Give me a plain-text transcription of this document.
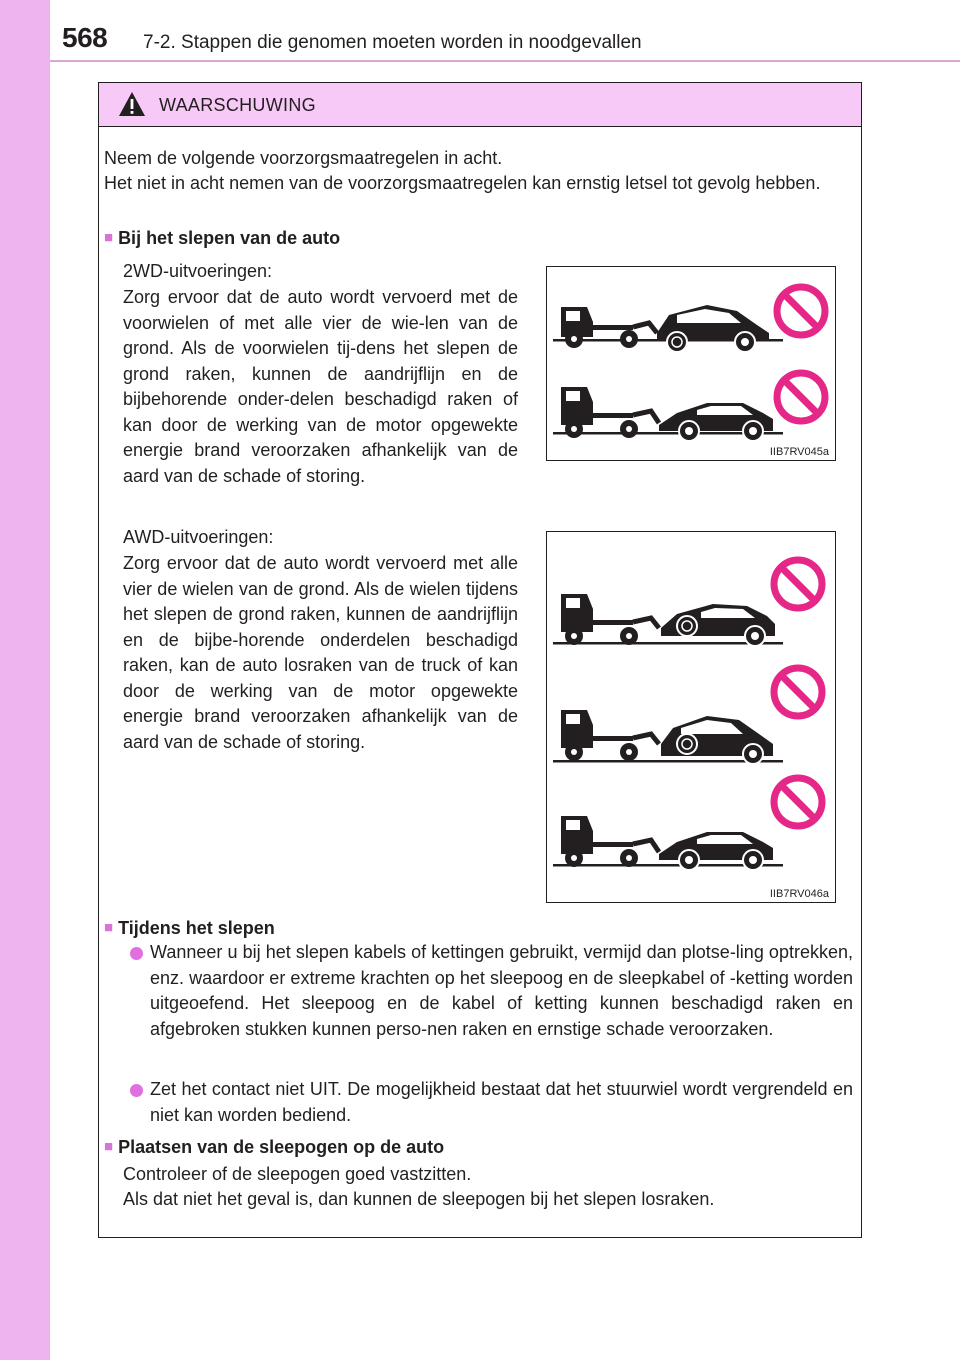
568 7-2. Stappen die genomen moeten worden in noodgevallen
WAARSCHUWING

Neem de volgende voorzorgsmaatregelen in acht.

Het niet in acht nemen van de voorzorgsmaatregelen kan ernstig letsel tot gevolg hebben.

■ Bij het slepen van de auto

2WD-uitvoeringen:

Zorg ervoor dat de auto wordt vervoerd met de voorwielen of met alle vier de wie-len van de grond. Als de voorwielen tij-dens het slepen de grond raken, kunnen de aandrijflijn en de bijbehorende onder-delen beschadigd raken of kan door de werking van de motor opgewekte energie brand veroorzaken afhankelijk van de aard van de schade of storing.

IIB7RV045a

AWD-uitvoeringen:

Zorg ervoor dat de auto wordt vervoerd met alle vier de wielen van de grond. Als de wielen tijdens het slepen de grond raken, kunnen de aandrijflijn en de bijbe-horende onderdelen beschadigd raken, kan de auto losraken van de truck of kan door de werking van de motor opgewekte energie brand veroorzaken afhankelijk van de aard van de schade of storing.

IIB7RV046a
■ Tijdens het slepen

Wanneer u bij het slepen kabels of kettingen gebruikt, vermijd dan plotse-ling optrekken, enz. waardoor er extreme krachten op het sleepoog en de sleepkabel of -ketting worden uitgeoefend. Het sleepoog en de kabel of ketting kunnen beschadigd raken en afgebroken stukken kunnen perso-nen raken en ernstige schade veroorzaken.

Zet het contact niet UIT. De mogelijkheid bestaat dat het stuurwiel wordt vergrendeld en niet kan worden bediend.

■ Plaatsen van de sleepogen op de auto

Controleer of de sleepogen goed vastzitten.

Als dat niet het geval is, dan kunnen de sleepogen bij het slepen losraken.
